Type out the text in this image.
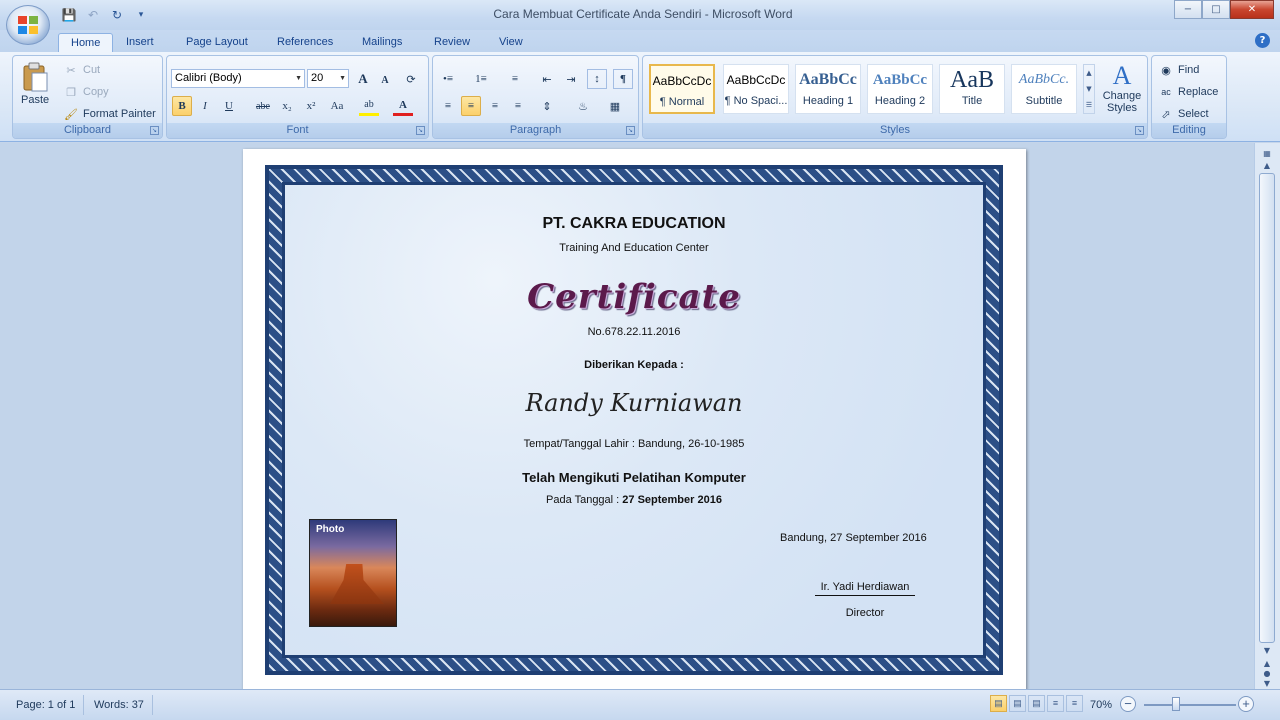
💾 ↶	↻	▾	Cara Membuat Certificate Anda Sendiri - Microsoft Word	−	□	✕
Home	Insert	Page Layout	References	Mailings	Review	View	?
Paste
✂ Cut
❐ Copy
🖌 Format Painter
Clipboard	↘
Calibri (Body)	▼ 20 ▼ A	A	⟳
B	I	U	abe	x₂	x²	Aa	ab	A
Font	↘
•≡	1≡	≡	⇤	⇥	↕	¶
≡	≡	≡	≡	⇕	♨	▦
Paragraph	↘
AaBbCcDc
¶ Normal
AaBbCcDc
¶ No Spaci...
AaBbCc
Heading 1
AaBbCc
Heading 2
AaB
Title
AaBbCc.
Subtitle
▲
▼
☰
A
Change Styles
Styles	↘
◉ Find
ac Replace
⬀ Select
Editing
PT. CAKRA EDUCATION
Training And Education Center
Certificate
No.678.22.11.2016
Diberikan Kepada :
Randy Kurniawan
Tempat/Tanggal Lahir : Bandung, 26-10-1985
Telah Mengikuti Pelatihan Komputer
Pada Tanggal : 27 September 2016
Photo
Bandung, 27 September 2016
Ir. Yadi Herdiawan
Director
▦
▲
▼
▲
●
▼
Page: 1 of 1	Words: 37	▤	▤	▤	≡	≡	70% −	+
